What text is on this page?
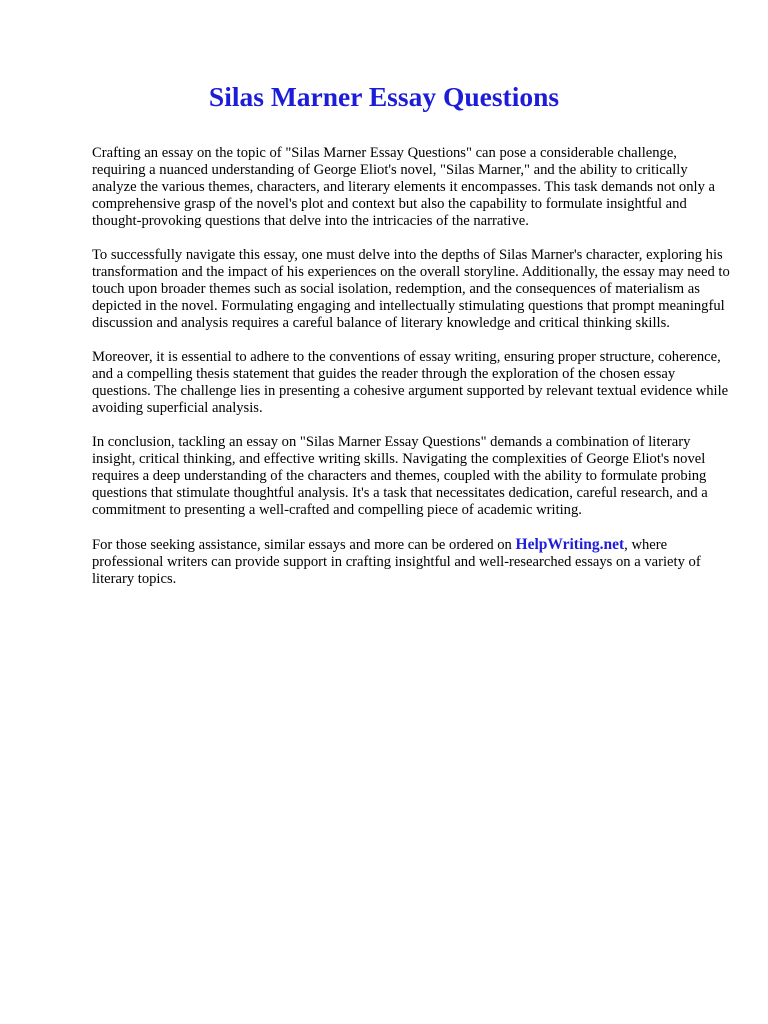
Silas Marner Essay Questions

Crafting an essay on the topic of "Silas Marner Essay Questions" can pose a considerable challenge, requiring a nuanced understanding of George Eliot's novel, "Silas Marner," and the ability to critically analyze the various themes, characters, and literary elements it encompasses. This task demands not only a comprehensive grasp of the novel's plot and context but also the capability to formulate insightful and thought-provoking questions that delve into the intricacies of the narrative.

To successfully navigate this essay, one must delve into the depths of Silas Marner's character, exploring his transformation and the impact of his experiences on the overall storyline. Additionally, the essay may need to touch upon broader themes such as social isolation, redemption, and the consequences of materialism as depicted in the novel. Formulating engaging and intellectually stimulating questions that prompt meaningful discussion and analysis requires a careful balance of literary knowledge and critical thinking skills.

Moreover, it is essential to adhere to the conventions of essay writing, ensuring proper structure, coherence, and a compelling thesis statement that guides the reader through the exploration of the chosen essay questions. The challenge lies in presenting a cohesive argument supported by relevant textual evidence while avoiding superficial analysis.

In conclusion, tackling an essay on "Silas Marner Essay Questions" demands a combination of literary insight, critical thinking, and effective writing skills. Navigating the complexities of George Eliot's novel requires a deep understanding of the characters and themes, coupled with the ability to formulate probing questions that stimulate thoughtful analysis. It's a task that necessitates dedication, careful research, and a commitment to presenting a well-crafted and compelling piece of academic writing.

For those seeking assistance, similar essays and more can be ordered on HelpWriting.net, where professional writers can provide support in crafting insightful and well-researched essays on a variety of literary topics.
